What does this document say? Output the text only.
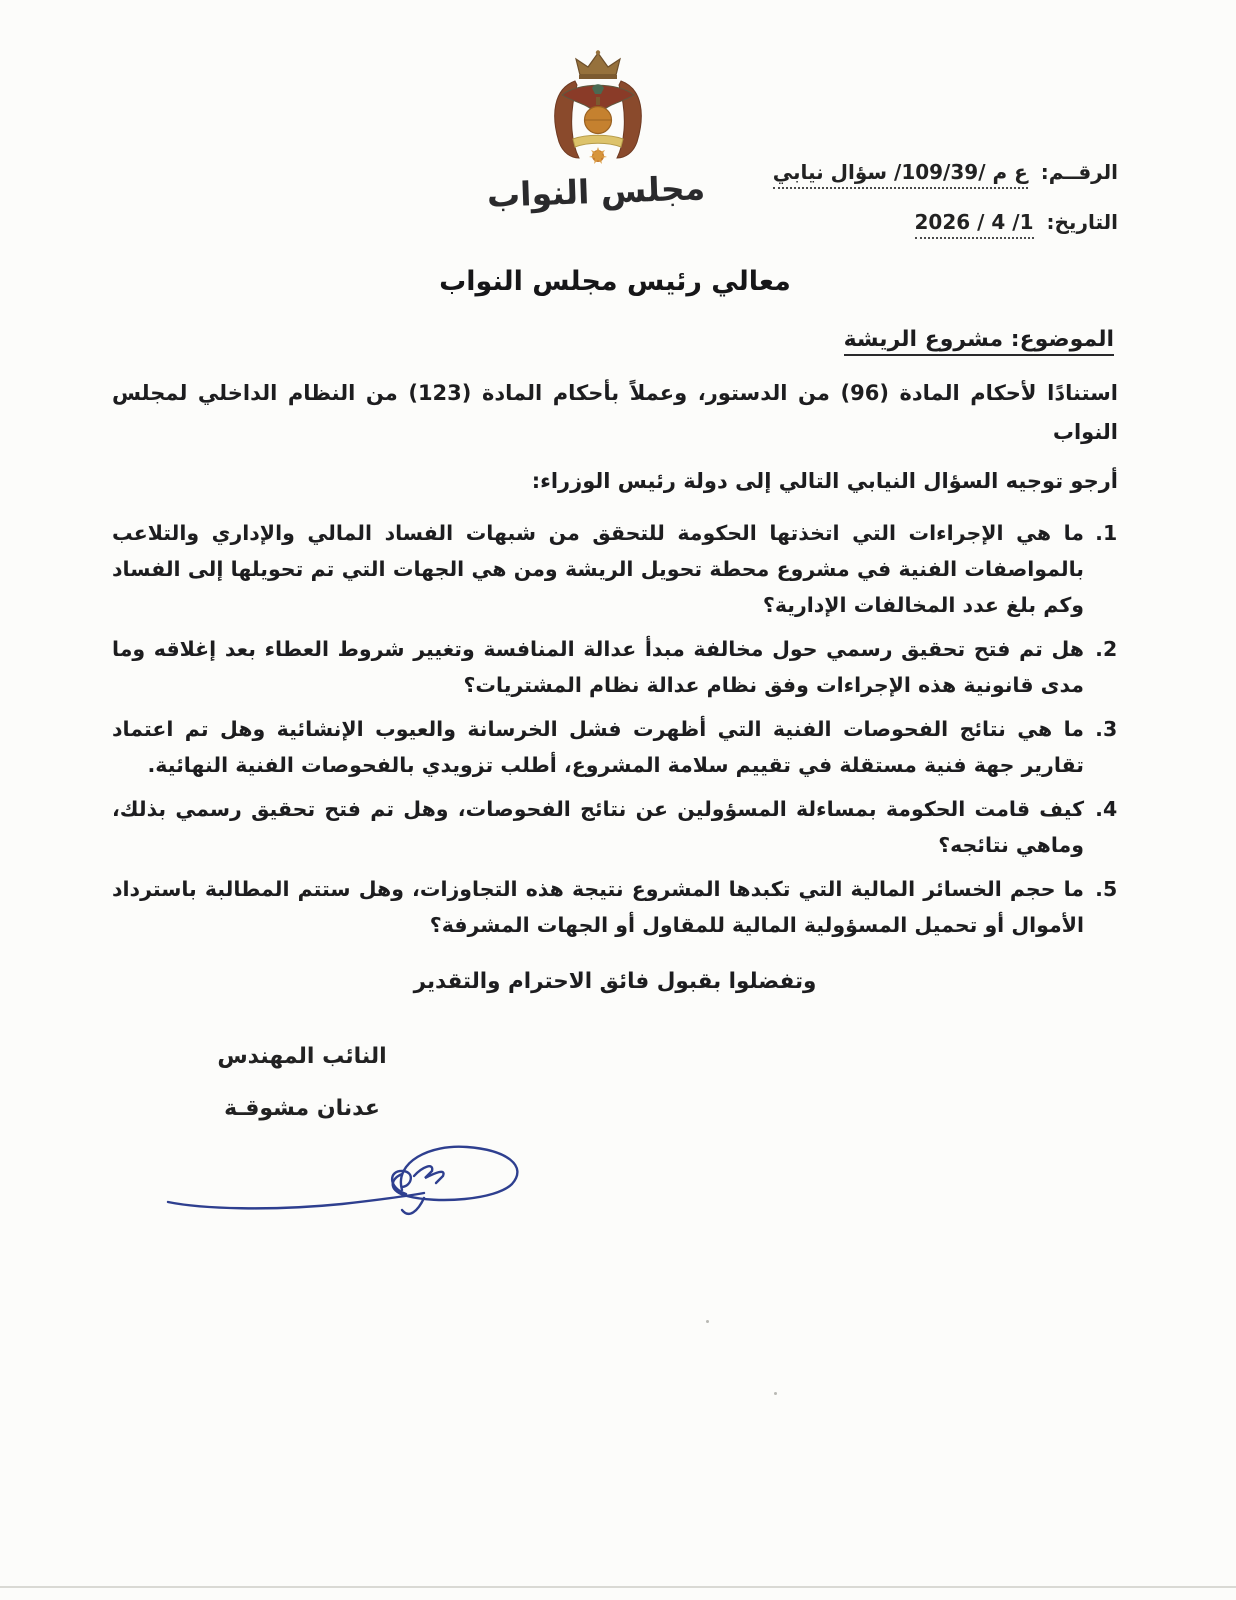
مجلس النواب	الرقــم: ع م /109/39/ سؤال نيابي
التاريخ: 1/ 4 / 2026
معالي رئيس مجلس النواب
الموضوع: مشروع الريشة

استنادًا لأحكام المادة (96) من الدستور، وعملاً بأحكام المادة (123) من النظام الداخلي لمجلس النواب

أرجو توجيه السؤال النيابي التالي إلى دولة رئيس الوزراء:

1. ما هي الإجراءات التي اتخذتها الحكومة للتحقق من شبهات الفساد المالي والإداري والتلاعب بالمواصفات الفنية في مشروع محطة تحويل الريشة ومن هي الجهات التي تم تحويلها إلى الفساد وكم بلغ عدد المخالفات الإدارية؟
2. هل تم فتح تحقيق رسمي حول مخالفة مبدأ عدالة المنافسة وتغيير شروط العطاء بعد إغلاقه وما مدى قانونية هذه الإجراءات وفق نظام عدالة نظام المشتريات؟
3. ما هي نتائج الفحوصات الفنية التي أظهرت فشل الخرسانة والعيوب الإنشائية وهل تم اعتماد تقارير جهة فنية مستقلة في تقييم سلامة المشروع، أطلب تزويدي بالفحوصات الفنية النهائية.
4. كيف قامت الحكومة بمساءلة المسؤولين عن نتائج الفحوصات، وهل تم فتح تحقيق رسمي بذلك، وماهي نتائجه؟
5. ما حجم الخسائر المالية التي تكبدها المشروع نتيجة هذه التجاوزات، وهل ستتم المطالبة باسترداد الأموال أو تحميل المسؤولية المالية للمقاول أو الجهات المشرفة؟
وتفضلوا بقبول فائق الاحترام والتقدير
النائب المهندس
عدنان مشوقـة
